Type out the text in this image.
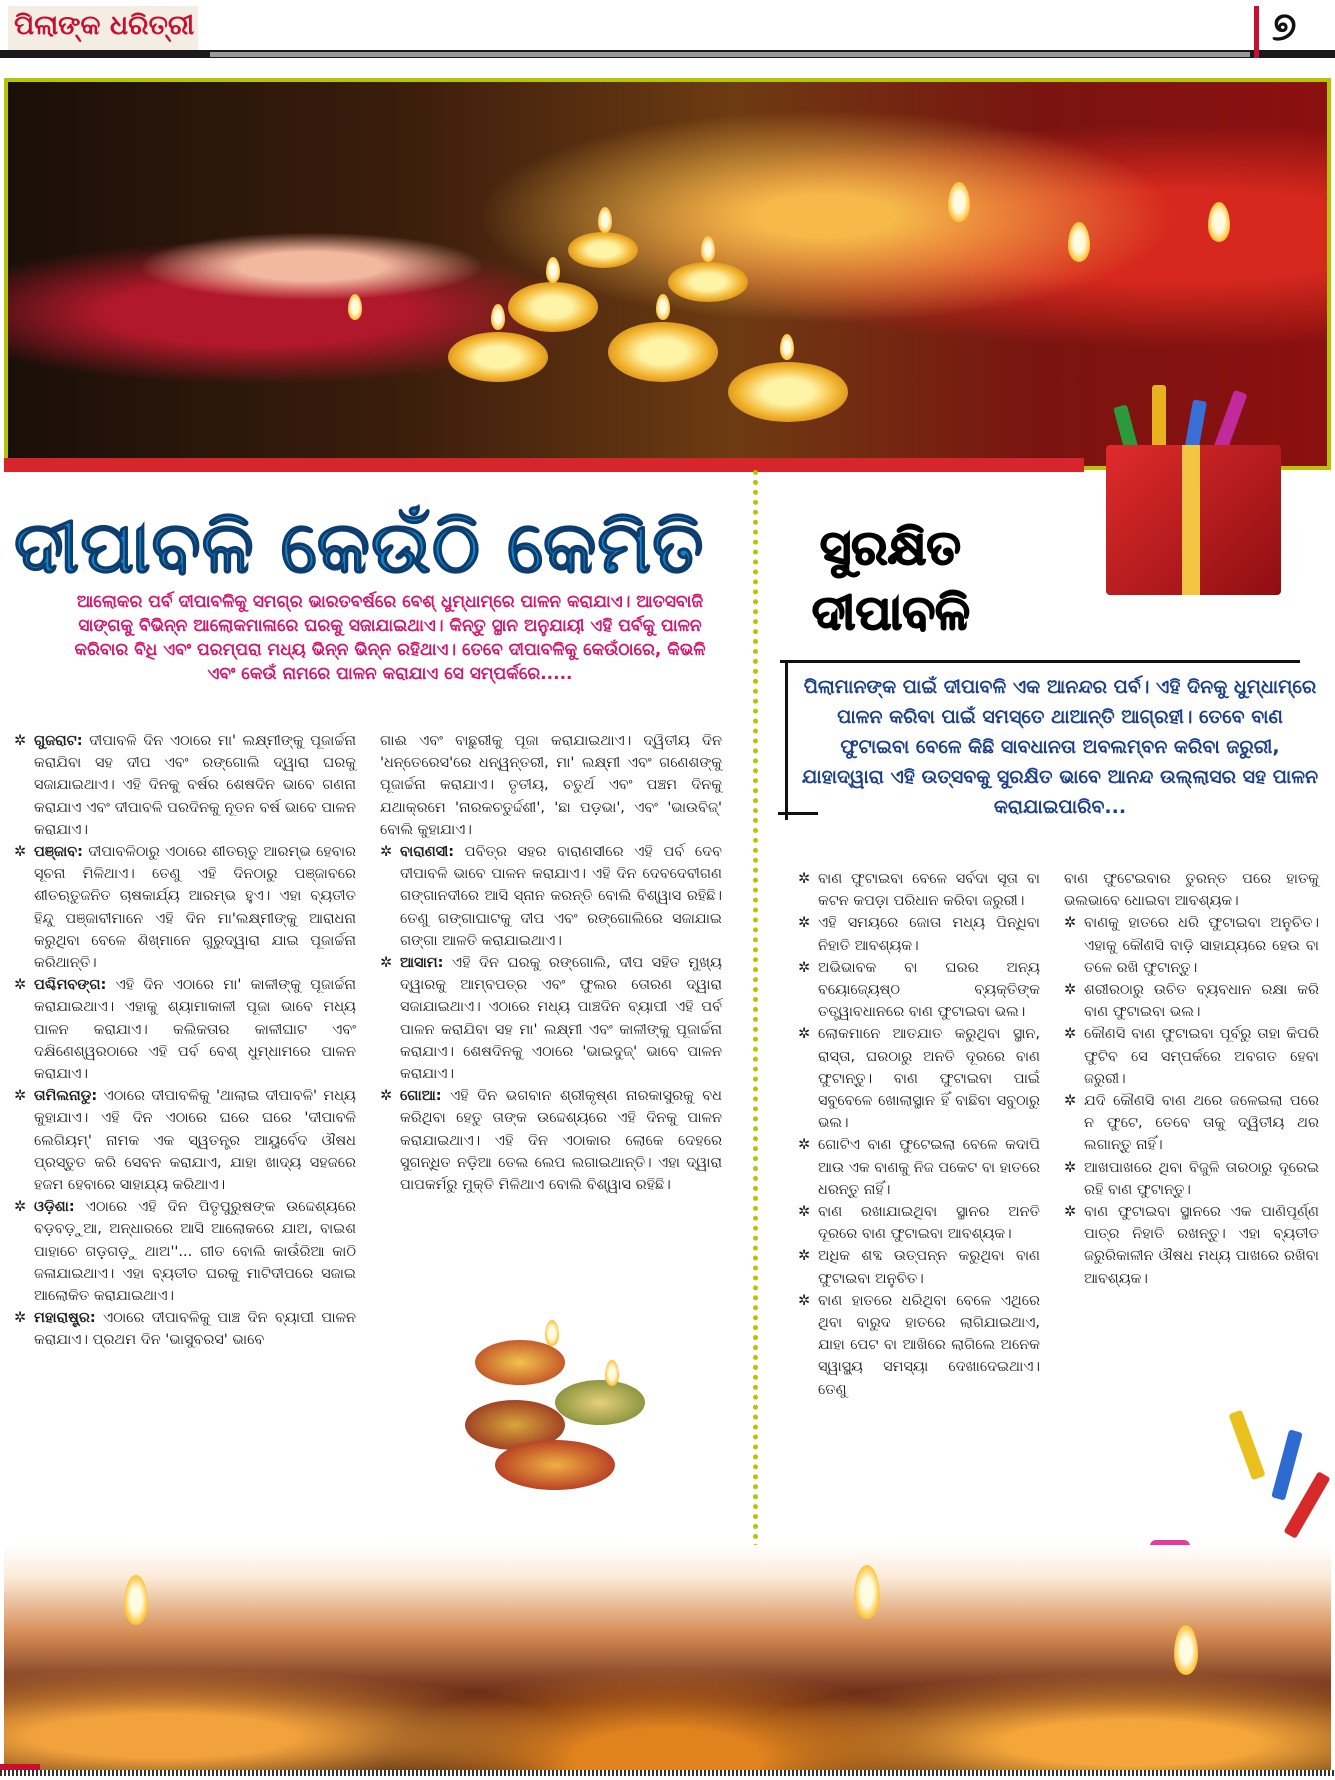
ପିଲାଙ୍କ ଧରିତ୍ରୀ	୭
ଦୀପାବଳି କେଉଁଠି କେମିତି
ଆଲୋକର ପର୍ବ ଦୀପାବଳିକୁ ସମଗ୍ର ଭାରତବର୍ଷରେ ବେଶ୍ ଧୁମ୍‌ଧାମ୍‌ରେ ପାଳନ କରାଯାଏ। ଆତସବାଜି ସାଙ୍ଗକୁ ବିଭିନ୍ନ ଆଲୋକମାଳାରେ ଘରକୁ ସଜାଯାଇଥାଏ। କିନ୍ତୁ ସ୍ଥାନ ଅନୁଯାୟୀ ଏହି ପର୍ବକୁ ପାଳନ କରିବାର ବିଧି ଏବଂ ପରମ୍ପରା ମଧ୍ୟ ଭିନ୍ନ ଭିନ୍ନ ରହିଥାଏ। ତେବେ ଦୀପାବଳିକୁ କେଉଁଠାରେ, କିଭଳି ଏବଂ କେଉଁ ନାମରେ ପାଳନ କରାଯାଏ ସେ ସମ୍ପର୍କରେ.....

✲ ଗୁଜରାଟ: ଦୀପାବଳି ଦିନ ଏଠାରେ ମା' ଲକ୍ଷ୍ମୀଙ୍କୁ ପୂଜାର୍ଚ୍ଚନା କରାଯିବା ସହ ଦୀପ ଏବଂ ରଙ୍ଗୋଲି ଦ୍ୱାରା ଘରକୁ ସଜାଯାଇଥାଏ। ଏହି ଦିନକୁ ବର୍ଷର ଶେଷଦିନ ଭାବେ ଗଣନା କରାଯାଏ ଏବଂ ଦୀପାବଳି ପରଦିନକୁ ନୂତନ ବର୍ଷ ଭାବେ ପାଳନ କରାଯାଏ।

✲ ପଞ୍ଜାବ: ଦୀପାବଳିଠାରୁ ଏଠାରେ ଶୀତଋତୁ ଆରମ୍ଭ ହେବାର ସୂଚନା ମିଳିଥାଏ। ତେଣୁ ଏହି ଦିନଠାରୁ ପଞ୍ଜାବରେ ଶୀତଋତୁଜନିତ ଚାଷକାର୍ଯ୍ୟ ଆରମ୍ଭ ହୁଏ। ଏହା ବ୍ୟତୀତ ହିନ୍ଦୁ ପଞ୍ଜାବୀମାନେ ଏହି ଦିନ ମା'ଲକ୍ଷ୍ମୀଙ୍କୁ ଆରାଧନା କରୁଥିବା ବେଳେ ଶିଖ୍‌ମାନେ ଗୁରୁଦ୍ୱାରା ଯାଇ ପୂଜାର୍ଚ୍ଚନା କରିଥାନ୍ତି।

✲ ପଶ୍ଚିମବଙ୍ଗ: ଏହି ଦିନ ଏଠାରେ ମା' କାଳୀଙ୍କୁ ପୂଜାର୍ଚ୍ଚନା କରାଯାଇଥାଏ। ଏହାକୁ ଶ୍ୟାମାକାଳୀ ପୂଜା ଭାବେ ମଧ୍ୟ ପାଳନ କରାଯାଏ। କଲିକତାର କାଳୀଘାଟ ଏବଂ ଦକ୍ଷିଣେଶ୍ୱରଠାରେ ଏହି ପର୍ବ ବେଶ୍ ଧୁମ୍‌ଧାମରେ ପାଳନ କରାଯାଏ।

✲ ତାମିଲନାଡୁ: ଏଠାରେ ଦୀପାବଳିକୁ 'ଥାଲାଇ ଦୀପାବଳି' ମଧ୍ୟ କୁହାଯାଏ। ଏହି ଦିନ ଏଠାରେ ଘରେ ଘରେ 'ଦୀପାବଳି ଲେଗିୟମ୍' ନାମକ ଏକ ସ୍ୱତନ୍ତ୍ର ଆୟୁର୍ବେଦ ଔଷଧ ପ୍ରସ୍ତୁତ କରି ସେବନ କରାଯାଏ, ଯାହା ଖାଦ୍ୟ ସହଜରେ ହଜମ ହେବାରେ ସାହାଯ୍ୟ କରିଥାଏ।

✲ ଓଡ଼ିଶା: ଏଠାରେ ଏହି ଦିନ ପିତୃପୁରୁଷଙ୍କ ଉଦ୍ଦେଶ୍ୟରେ ବଡ଼ବଡ଼ୁଆ, ଅନ୍ଧାରରେ ଆସି ଆଲୋକରେ ଯାଅ, ବାଇଶ ପାହାଚେ ଗଡ଼ଗଡ଼ୁ ଥାଅ''... ଗୀତ ବୋଲି କାଉଁରିଆ କାଠି ଜଳାଯାଇଥାଏ। ଏହା ବ୍ୟତୀତ ଘରକୁ ମାଟିଦୀପରେ ସଜାଇ ଆଲୋକିତ କରାଯାଇଥାଏ।

✲ ମହାରାଷ୍ଟ୍ର: ଏଠାରେ ଦୀପାବଳିକୁ ପାଞ୍ଚ ଦିନ ବ୍ୟାପୀ ପାଳନ କରାଯାଏ। ପ୍ରଥମ ଦିନ 'ଭାସୁବରସ' ଭାବେ

ଗାଈ ଏବଂ ବାଛୁରୀକୁ ପୂଜା କରାଯାଇଥାଏ। ଦ୍ୱିତୀୟ ଦିନ 'ଧନ୍ତେରେସ'ରେ ଧନ୍ୱନ୍ତରୀ, ମା' ଲକ୍ଷ୍ମୀ ଏବଂ ଗଣେଶଙ୍କୁ ପୂଜାର୍ଚ୍ଚନା କରାଯାଏ। ତୃତୀୟ, ଚତୁର୍ଥ ଏବଂ ପଞ୍ଚମ ଦିନକୁ ଯଥାକ୍ରମେ 'ନାରକଚତୁର୍ଦ୍ଦଶୀ', 'ଛା ପଡ଼ଭା', ଏବଂ 'ଭାଉବିଜ୍' ବୋଲି କୁହାଯାଏ।

✲ ବାରାଣସୀ: ପବିତ୍ର ସହର ବାରାଣସୀରେ ଏହି ପର୍ବ ଦେବ ଦୀପାବଳି ଭାବେ ପାଳନ କରାଯାଏ। ଏହି ଦିନ ଦେବଦେବୀଗଣ ଗଙ୍ଗାନଦୀରେ ଆସି ସ୍ନାନ କରନ୍ତି ବୋଲି ବିଶ୍ୱାସ ରହିଛି। ତେଣୁ ଗଙ୍ଗାଘାଟକୁ ଦୀପ ଏବଂ ରଙ୍ଗୋଲିରେ ସଜାଯାଇ ଗଙ୍ଗା ଆଳତି କରାଯାଇଥାଏ।

✲ ଆସାମ: ଏହି ଦିନ ଘରକୁ ରଙ୍ଗୋଲି, ଦୀପ ସହିତ ମୁଖ୍ୟ ଦ୍ୱାରକୁ ଆମ୍ବପତ୍ର ଏବଂ ଫୁଲର ତୋରଣ ଦ୍ୱାରା ସଜାଯାଇଥାଏ। ଏଠାରେ ମଧ୍ୟ ପାଞ୍ଚଦିନ ବ୍ୟାପୀ ଏହି ପର୍ବ ପାଳନ କରାଯିବା ସହ ମା' ଲକ୍ଷ୍ମୀ ଏବଂ କାଳୀଙ୍କୁ ପୂଜାର୍ଚ୍ଚନା କରାଯାଏ। ଶେଷଦିନକୁ ଏଠାରେ 'ଭାଇଦୁଜ୍' ଭାବେ ପାଳନ କରାଯାଏ।

✲ ଗୋଆ: ଏହି ଦିନ ଭଗବାନ ଶ୍ରୀକୃଷ୍ଣ ନାରକାସୁରକୁ ବଧ କରିଥିବା ହେତୁ ତାଙ୍କ ଉଦ୍ଦେଶ୍ୟରେ ଏହି ଦିନକୁ ପାଳନ କରାଯାଇଥାଏ। ଏହି ଦିନ ଏଠାକାର ଲୋକେ ଦେହରେ ସୁଗନ୍ଧିତ ନଡ଼ିଆ ତେଲ ଲେପ ଲଗାଇଥାନ୍ତି। ଏହା ଦ୍ୱାରା ପାପକର୍ମରୁ ମୁକ୍ତି ମିଳିଥାଏ ବୋଲି ବିଶ୍ୱାସ ରହିଛି।

ସୁରକ୍ଷିତ
ଦୀପାବଳି
ପିଲାମାନଙ୍କ ପାଇଁ ଦୀପାବଳି ଏକ ଆନନ୍ଦର ପର୍ବ। ଏହି ଦିନକୁ ଧୁମ୍‌ଧାମ୍‌ରେ ପାଳନ କରିବା ପାଇଁ ସମସ୍ତେ ଥାଆନ୍ତି ଆଗ୍ରହୀ। ତେବେ ବାଣ ଫୁଟାଇବା ବେଳେ କିଛି ସାବଧାନତା ଅବଲମ୍ବନ କରିବା ଜରୁରୀ, ଯାହାଦ୍ୱାରା ଏହି ଉତ୍ସବକୁ ସୁରକ୍ଷିତ ଭାବେ ଆନନ୍ଦ ଉଲ୍ଲାସର ସହ ପାଳନ କରାଯାଇପାରିବ...

✲ ବାଣ ଫୁଟାଇବା ବେଳେ ସର୍ବଦା ସୂତା ବା କଟନ କପଡ଼ା ପରିଧାନ କରିବା ଜରୁରୀ।

✲ ଏହି ସମୟରେ ଜୋତା ମଧ୍ୟ ପିନ୍ଧିବା ନିହାତି ଆବଶ୍ୟକ।

✲ ଅଭିଭାବକ ବା ଘରର ଅନ୍ୟ ବୟୋଜ୍ୟେଷ୍ଠ ବ୍ୟକ୍ତିଙ୍କ ତତ୍ତ୍ୱାବଧାନରେ ବାଣ ଫୁଟାଇବା ଭଲ।

✲ ଲୋକମାନେ ଆତଯାତ କରୁଥିବା ସ୍ଥାନ, ରାସ୍ତା, ଘରଠାରୁ ଅନତି ଦୂରରେ ବାଣ ଫୁଟାନ୍ତୁ। ବାଣ ଫୁଟାଇବା ପାଇଁ ସବୁବେଳେ ଖୋଲାସ୍ଥାନ ହିଁ ବାଛିବା ସବୁଠାରୁ ଭଲ।

✲ ଗୋଟିଏ ବାଣ ଫୁଟେଇଲା ବେଳେ କଦାପି ଆଉ ଏକ ବାଣକୁ ନିଜ ପକେଟ ବା ହାତରେ ଧରନ୍ତୁ ନାହିଁ।

✲ ବାଣ ରଖାଯାଇଥିବା ସ୍ଥାନର ଅନତି ଦୂରରେ ବାଣ ଫୁଟାଇବା ଆବଶ୍ୟକ।

✲ ଅଧିକ ଶବ୍ଦ ଉତ୍ପନ୍ନ କରୁଥିବା ବାଣ ଫୁଟାଇବା ଅନୁଚିତ।

✲ ବାଣ ହାତରେ ଧରିଥିବା ବେଳେ ଏଥିରେ ଥିବା ବାରୁଦ ହାତରେ ଲାଗିଯାଇଥାଏ, ଯାହା ପେଟ ବା ଆଖିରେ ଲାଗିଲେ ଅନେକ ସ୍ୱାସ୍ଥ୍ୟ ସମସ୍ୟା ଦେଖାଦେଇଥାଏ। ତେଣୁ

ବାଣ ଫୁଟେଇବାର ତୁରନ୍ତ ପରେ ହାତକୁ ଭଲଭାବେ ଧୋଇବା ଆବଶ୍ୟକ।

✲ ବାଣକୁ ହାତରେ ଧରି ଫୁଟାଇବା ଅନୁଚିତ। ଏହାକୁ କୌଣସି ବାଡ଼ି ସାହାଯ୍ୟରେ ହେଉ ବା ତଳେ ରଖି ଫୁଟାନ୍ତୁ।

✲ ଶରୀରଠାରୁ ଉଚିତ ବ୍ୟବଧାନ ରକ୍ଷା କରି ବାଣ ଫୁଟାଇବା ଭଲ।

✲ କୌଣସି ବାଣ ଫୁଟାଇବା ପୂର୍ବରୁ ତାହା କିପରି ଫୁଟିବ ସେ ସମ୍ପର୍କରେ ଅବଗତ ହେବା ଜରୁରୀ।

✲ ଯଦି କୌଣସି ବାଣ ଥରେ ଜଳେଇଲା ପରେ ନ ଫୁଟେ, ତେବେ ତାକୁ ଦ୍ୱିତୀୟ ଥର ଲଗାନ୍ତୁ ନାହିଁ।

✲ ଆଖପାଖରେ ଥିବା ବିଜୁଳି ତାରଠାରୁ ଦୂରେଇ ରହି ବାଣ ଫୁଟାନ୍ତୁ।

✲ ବାଣ ଫୁଟାଇବା ସ୍ଥାନରେ ଏକ ପାଣିପୂର୍ଣ୍ଣ ପାତ୍ର ନିହାତି ରଖନ୍ତୁ। ଏହା ବ୍ୟତୀତ ଜରୁରିକାଳୀନ ଔଷଧ ମଧ୍ୟ ପାଖରେ ରଖିବା ଆବଶ୍ୟକ।
